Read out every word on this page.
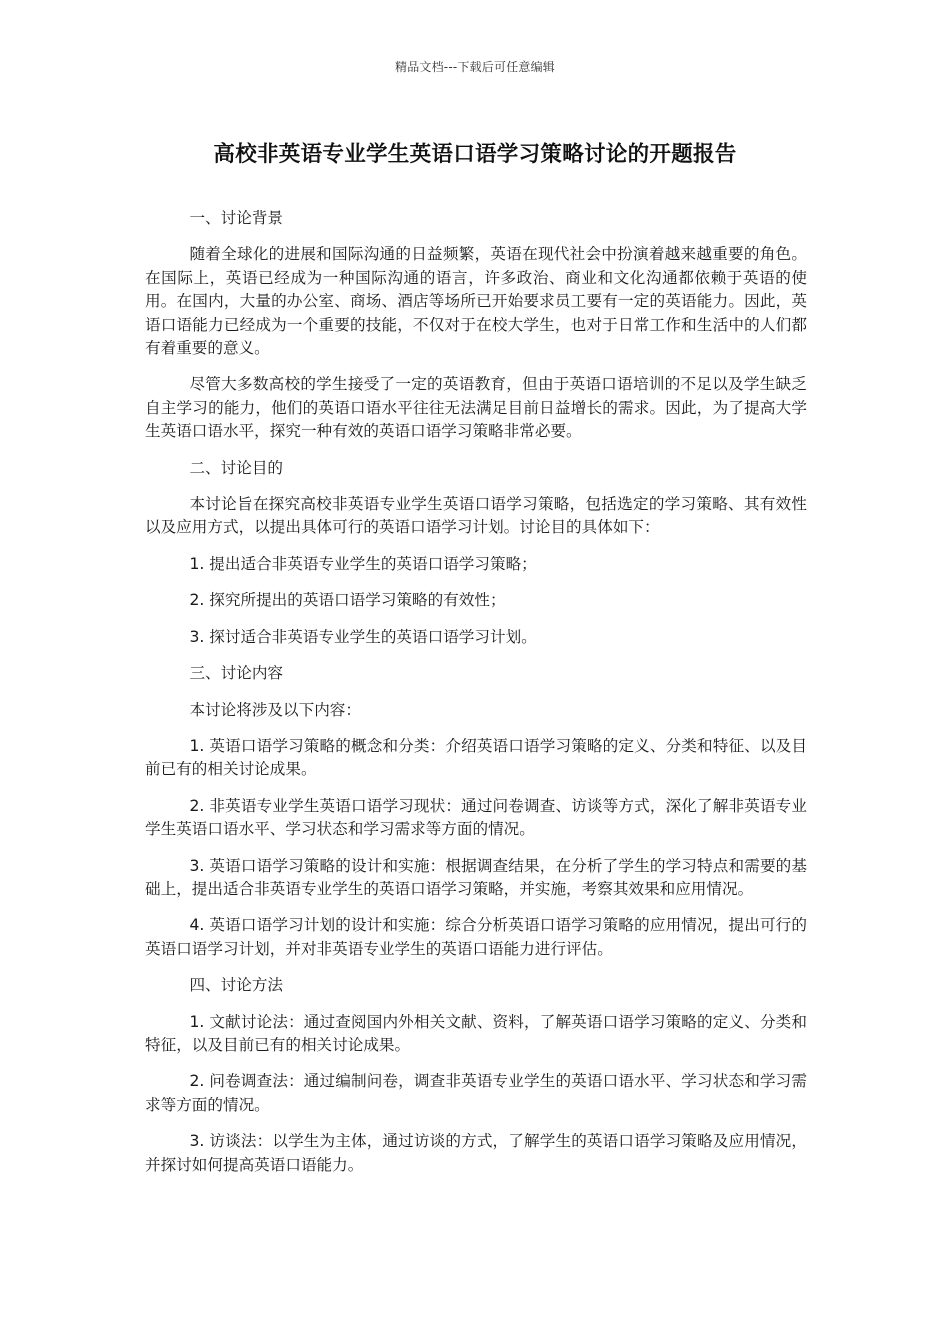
精品文档---下载后可任意编辑
高校非英语专业学生英语口语学习策略讨论的开题报告

一、讨论背景

随着全球化的进展和国际沟通的日益频繁，英语在现代社会中扮演着越来越重要的角色。在国际上，英语已经成为一种国际沟通的语言，许多政治、商业和文化沟通都依赖于英语的使用。在国内，大量的办公室、商场、酒店等场所已开始要求员工要有一定的英语能力。因此，英语口语能力已经成为一个重要的技能，不仅对于在校大学生，也对于日常工作和生活中的人们都有着重要的意义。

尽管大多数高校的学生接受了一定的英语教育，但由于英语口语培训的不足以及学生缺乏自主学习的能力，他们的英语口语水平往往无法满足目前日益增长的需求。因此，为了提高大学生英语口语水平，探究一种有效的英语口语学习策略非常必要。

二、讨论目的

本讨论旨在探究高校非英语专业学生英语口语学习策略，包括选定的学习策略、其有效性以及应用方式，以提出具体可行的英语口语学习计划。讨论目的具体如下：

1. 提出适合非英语专业学生的英语口语学习策略；

2. 探究所提出的英语口语学习策略的有效性；

3. 探讨适合非英语专业学生的英语口语学习计划。

三、讨论内容

本讨论将涉及以下内容：

1. 英语口语学习策略的概念和分类：介绍英语口语学习策略的定义、分类和特征、以及目前已有的相关讨论成果。

2. 非英语专业学生英语口语学习现状：通过问卷调查、访谈等方式，深化了解非英语专业学生英语口语水平、学习状态和学习需求等方面的情况。

3. 英语口语学习策略的设计和实施：根据调查结果，在分析了学生的学习特点和需要的基础上，提出适合非英语专业学生的英语口语学习策略，并实施，考察其效果和应用情况。

4. 英语口语学习计划的设计和实施：综合分析英语口语学习策略的应用情况，提出可行的英语口语学习计划，并对非英语专业学生的英语口语能力进行评估。

四、讨论方法

1. 文献讨论法：通过查阅国内外相关文献、资料，了解英语口语学习策略的定义、分类和特征，以及目前已有的相关讨论成果。

2. 问卷调查法：通过编制问卷，调查非英语专业学生的英语口语水平、学习状态和学习需求等方面的情况。

3. 访谈法：以学生为主体，通过访谈的方式，了解学生的英语口语学习策略及应用情况，并探讨如何提高英语口语能力。
